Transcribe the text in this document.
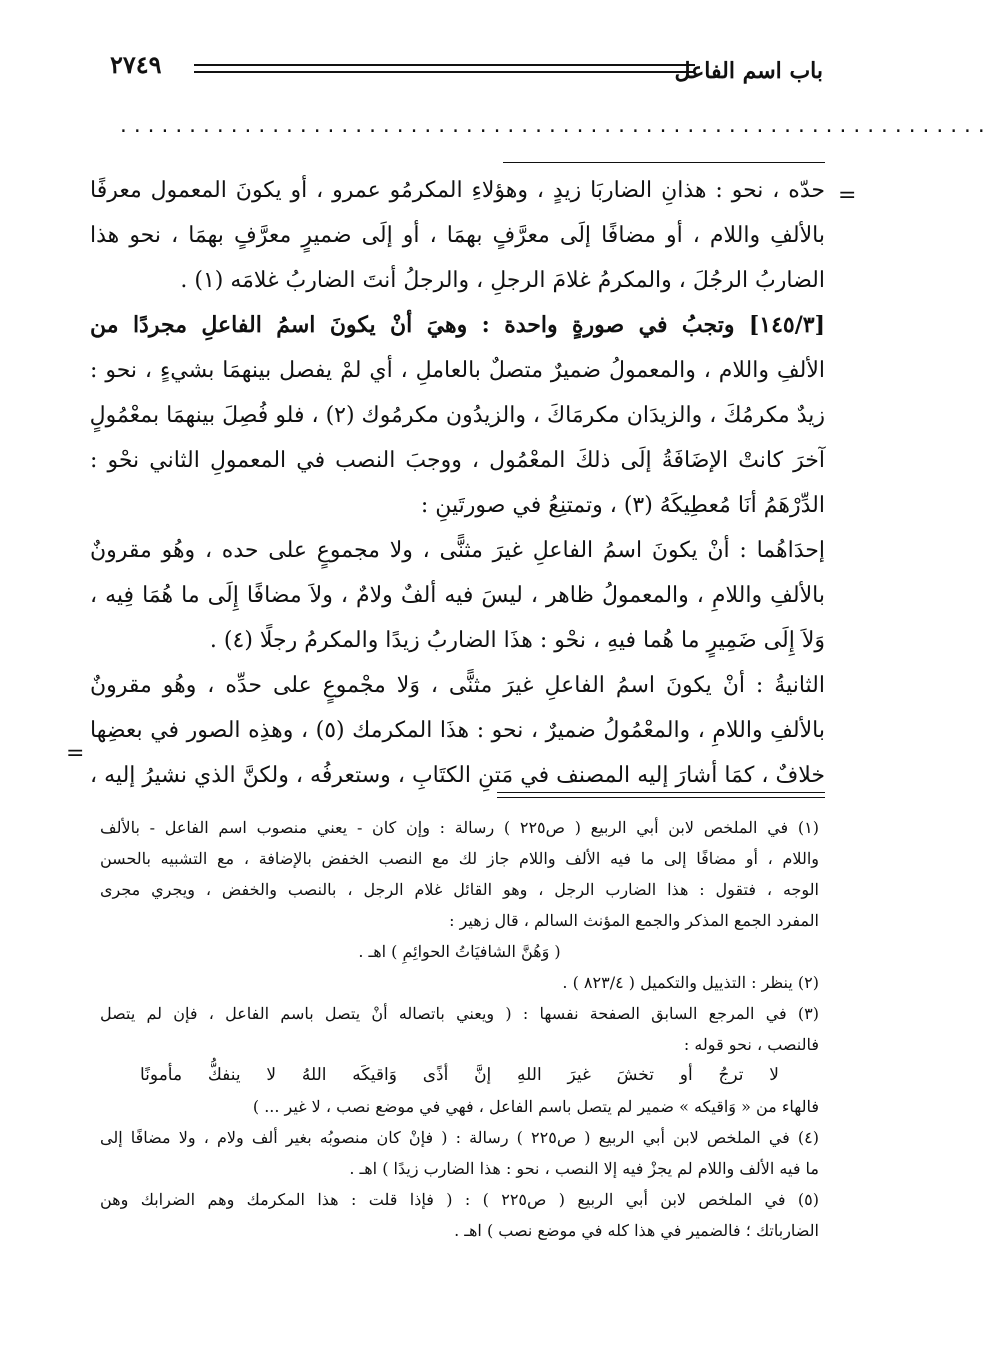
باب اسم الفاعل
٢٧٤٩
...............................................................
=
=
حدّه ، نحو : هذانِ الضاربَا زيدٍ ، وهؤلاءِ المكرمُو عمرو ، أو يكونَ المعمول معرفًا
بالألفِ واللام ، أو مضافًا إلَى معرَّفٍ بهمَا ، أو إلَى ضميرٍ معرَّفٍ بهمَا ، نحو هذا
الضاربُ الرجُلَ ، والمكرمُ غلامَ الرجلِ ، والرجلُ أنتَ الضاربُ غلامَه (١) .
[١٤٥/٣] وتجبُ في صورةٍ واحدة : وهيَ أنْ يكونَ اسمُ الفاعلِ مجردًا من
الألفِ واللام ، والمعمولُ ضميرٌ متصلٌ بالعاملِ ، أي لمْ يفصل بينهمَا بشيءٍ ، نحو :
زيدٌ مكرمُكَ ، والزيدَان مكرمَاكَ ، والزيدُون مكرمُوك (٢) ، فلو فُصِلَ بينهمَا بمعْمُولٍ
آخرَ كانتْ الإضَافَةُ إلَى ذلكَ المعْمُول ، ووجبَ النصب في المعمولِ الثاني نحْو :
الدِّرْهَمُ أنَا مُعطِيكَهُ (٣) ، وتمتنِعُ في صورتَينِ :
إحدَاهُما : أنْ يكونَ اسمُ الفاعلِ غيرَ مثنًّى ، ولا مجموعٍ على حده ، وهُو مقرونٌ
بالألفِ واللامِ ، والمعمولُ ظاهر ، ليسَ فيه ألفٌ ولامٌ ، ولاَ مضافًا إِلَى ما هُمَا فِيه ،
وَلاَ إِلَى ضَمِيرٍ ما هُما فيهِ ، نحْو : هذَا الضاربُ زيدًا والمكرمُ رجلًا (٤) .
الثانيةُ : أنْ يكونَ اسمُ الفاعلِ غيرَ مثنًّى ، وَلا مجْموعٍ على حدِّه ، وهُو مقرونٌ
بالألفِ واللامِ ، والمعْمُولُ ضميرٌ ، نحو : هذَا المكرمك (٥) ، وهذِه الصور في بعضِها
خلافٌ ، كمَا أشارَ إليه المصنف في مَتنِ الكتَابِ ، وستعرفُه ، ولكنَّ الذي نشيرُ إليه ،
(١) في الملخص لابن أبي الربيع ( ص٢٢٥ ) رسالة : وإن كان - يعني منصوب اسم الفاعل - بالألف
واللام ، أو مضافًا إلى ما فيه الألف واللام جاز لك مع النصب الخفض بالإضافة ، مع التشبيه بالحسن
الوجه ، فتقول : هذا الضارب الرجل ، وهو القائل غلام الرجل ، بالنصب والخفض ، ويجري مجرى
المفرد الجمع المذكر والجمع المؤنث السالم ، قال زهير :
( وَهُنَّ الشافيَاتُ الحوائِمِ ) اهـ .
(٢) ينظر : التذييل والتكميل ( ٨٢٣/٤ ) .
(٣) في المرجع السابق الصفحة نفسها : ( ويعني باتصاله أنْ يتصل باسم الفاعل ، فإن لم يتصل
فالنصب ، نحو قوله :
لا ترجُ أو تخشَ غيرَ اللهِ إنَّ أذًى وَاقيكَه اللهُ لا ينفكُّ مأمونًا
فالهاء من « وَاقيكه » ضمير لم يتصل باسم الفاعل ، فهي في موضع نصب ، لا غير ... )
(٤) في الملخص لابن أبي الربيع ( ص٢٢٥ ) رسالة : ( فإنْ كان منصوبُه بغير ألف ولام ، ولا مضافًا إلى
ما فيه الألف واللام لم يجزْ فيه إلا النصب ، نحو : هذا الضارب زيدًا ) اهـ .
(٥) في الملخص لابن أبي الربيع ( ص٢٢٥ ) : ( فإذا قلت : هذا المكرمك وهم الضرابك وهن
الضارباتك ؛ فالضمير في هذا كله في موضع نصب ) اهـ .
